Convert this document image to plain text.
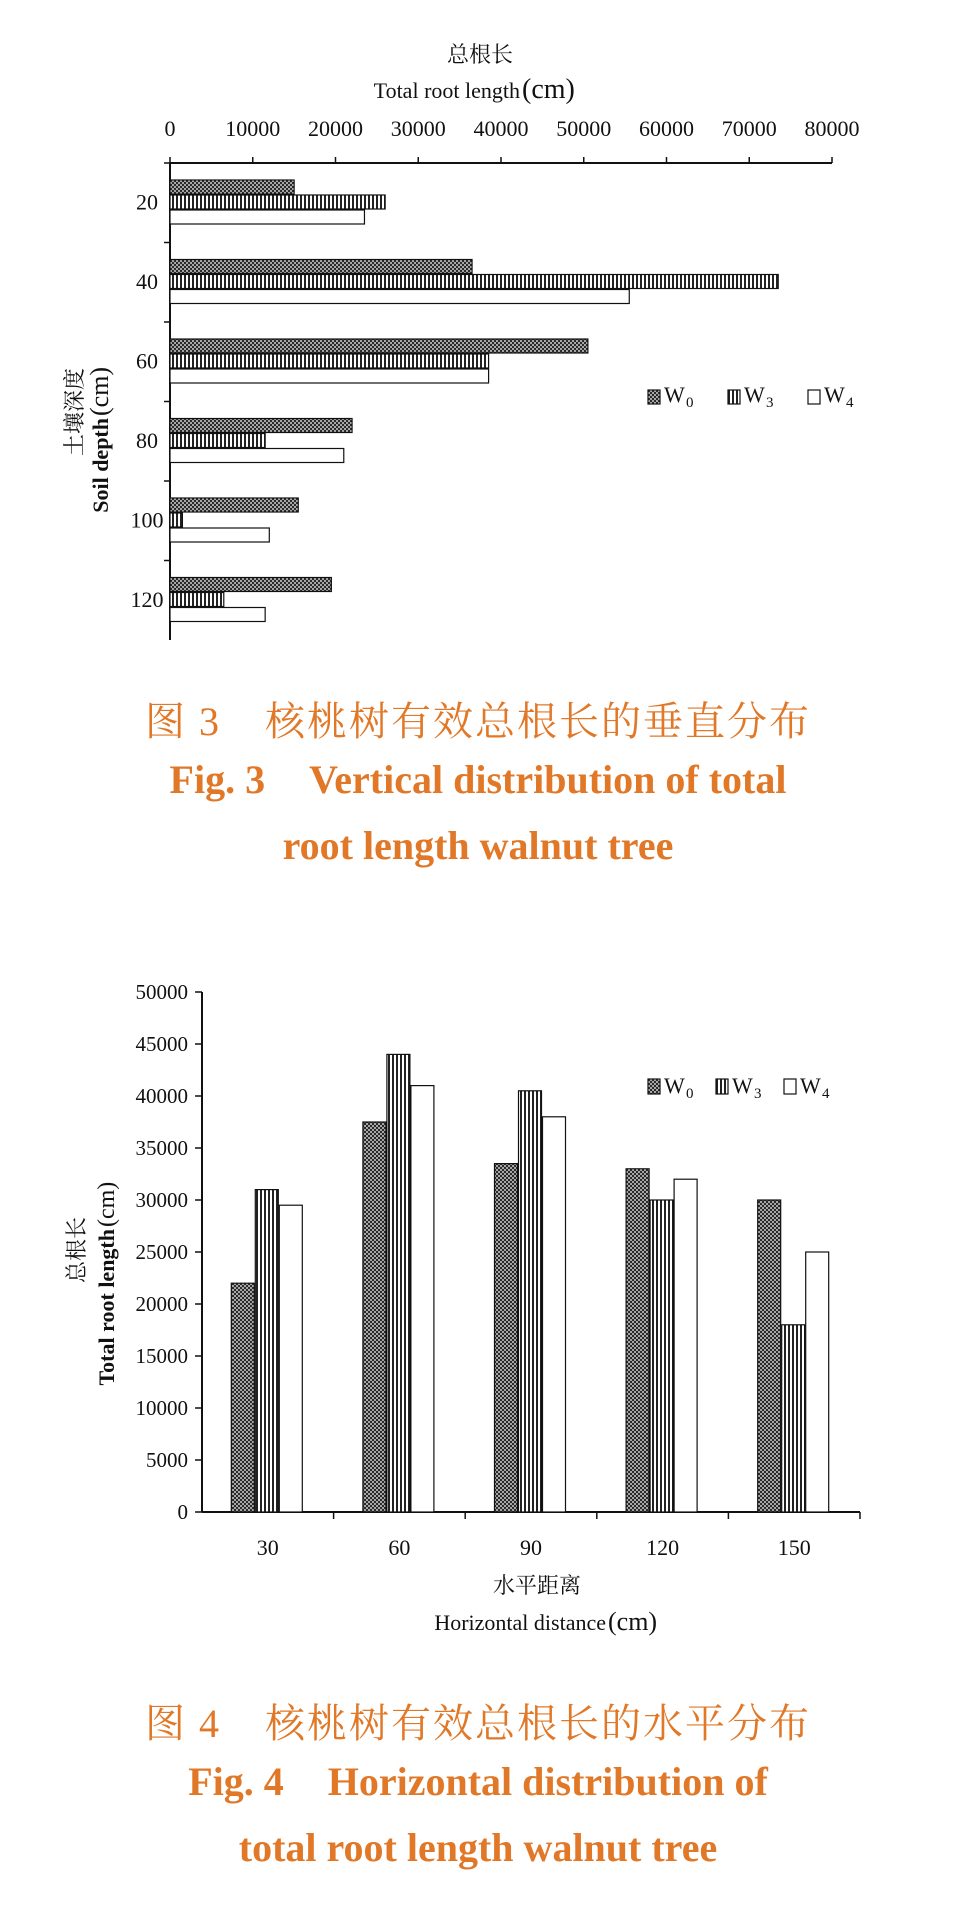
总根长
Total root length (cm)
0 10000 20000 30000 40000 50000 60000 70000 80000
20
40
60
80
100
120
土壤深度
Soil depth
(cm)	W 0 W 3 W 4
图 3 核桃树有效总根长的垂直分布
Fig. 3 Vertical distribution of total
root length walnut tree
0
5000
10000
15000
20000
25000
30000
35000
40000
45000
50000
30	60	90	120	150
水平距离
Horizontal distance (cm)
总根长 Total root length
(cm)
W 0 W 3 W 4
图 4 核桃树有效总根长的水平分布
Fig. 4 Horizontal distribution of
total root length walnut tree
